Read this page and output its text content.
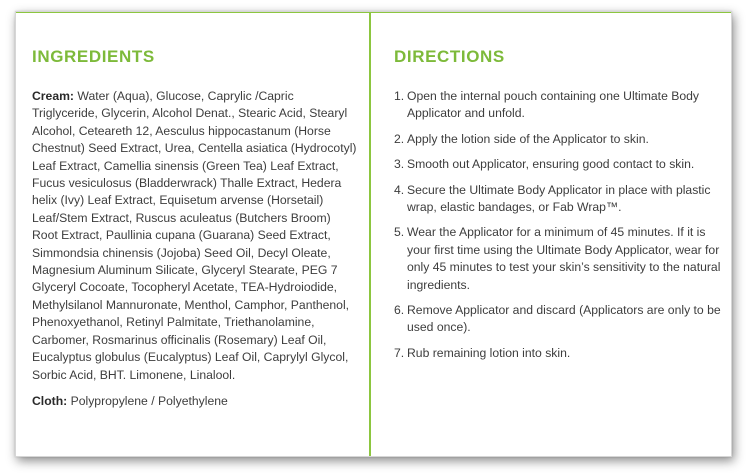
INGREDIENTS

Cream: Water (Aqua), Glucose, Caprylic /Capric Triglyceride, Glycerin, Alcohol Denat., Stearic Acid, Stearyl Alcohol, Ceteareth 12, Aesculus hippocastanum (Horse Chestnut) Seed Extract, Urea, Centella asiatica (Hydrocotyl) Leaf Extract, Camellia sinensis (Green Tea) Leaf Extract, Fucus vesiculosus (Bladderwrack) Thalle Extract, Hedera helix (Ivy) Leaf Extract, Equisetum arvense (Horsetail) Leaf/Stem Extract, Ruscus aculeatus (Butchers Broom) Root Extract, Paullinia cupana (Guarana) Seed Extract, Simmondsia chinensis (Jojoba) Seed Oil, Decyl Oleate, Magnesium Aluminum Silicate, Glyceryl Stearate, PEG 7 Glyceryl Cocoate, Tocopheryl Acetate, TEA-Hydroiodide, Methylsilanol Mannuronate, Menthol, Camphor, Panthenol, Phenoxyethanol, Retinyl Palmitate, Triethanolamine, Carbomer, Rosmarinus officinalis (Rosemary) Leaf Oil, Eucalyptus globulus (Eucalyptus) Leaf Oil, Caprylyl Glycol, Sorbic Acid, BHT. Limonene, Linalool.

Cloth: Polypropylene / Polyethylene

DIRECTIONS
1. Open the internal pouch containing one Ultimate Body Applicator and unfold.
2. Apply the lotion side of the Applicator to skin.
3. Smooth out Applicator, ensuring good contact to skin.
4. Secure the Ultimate Body Applicator in place with plastic wrap, elastic bandages, or Fab Wrap™.
5. Wear the Applicator for a minimum of 45 minutes. If it is your first time using the Ultimate Body Applicator, wear for only 45 minutes to test your skin’s sensitivity to the natural ingredients.
6. Remove Applicator and discard (Applicators are only to be used once).
7. Rub remaining lotion into skin.
